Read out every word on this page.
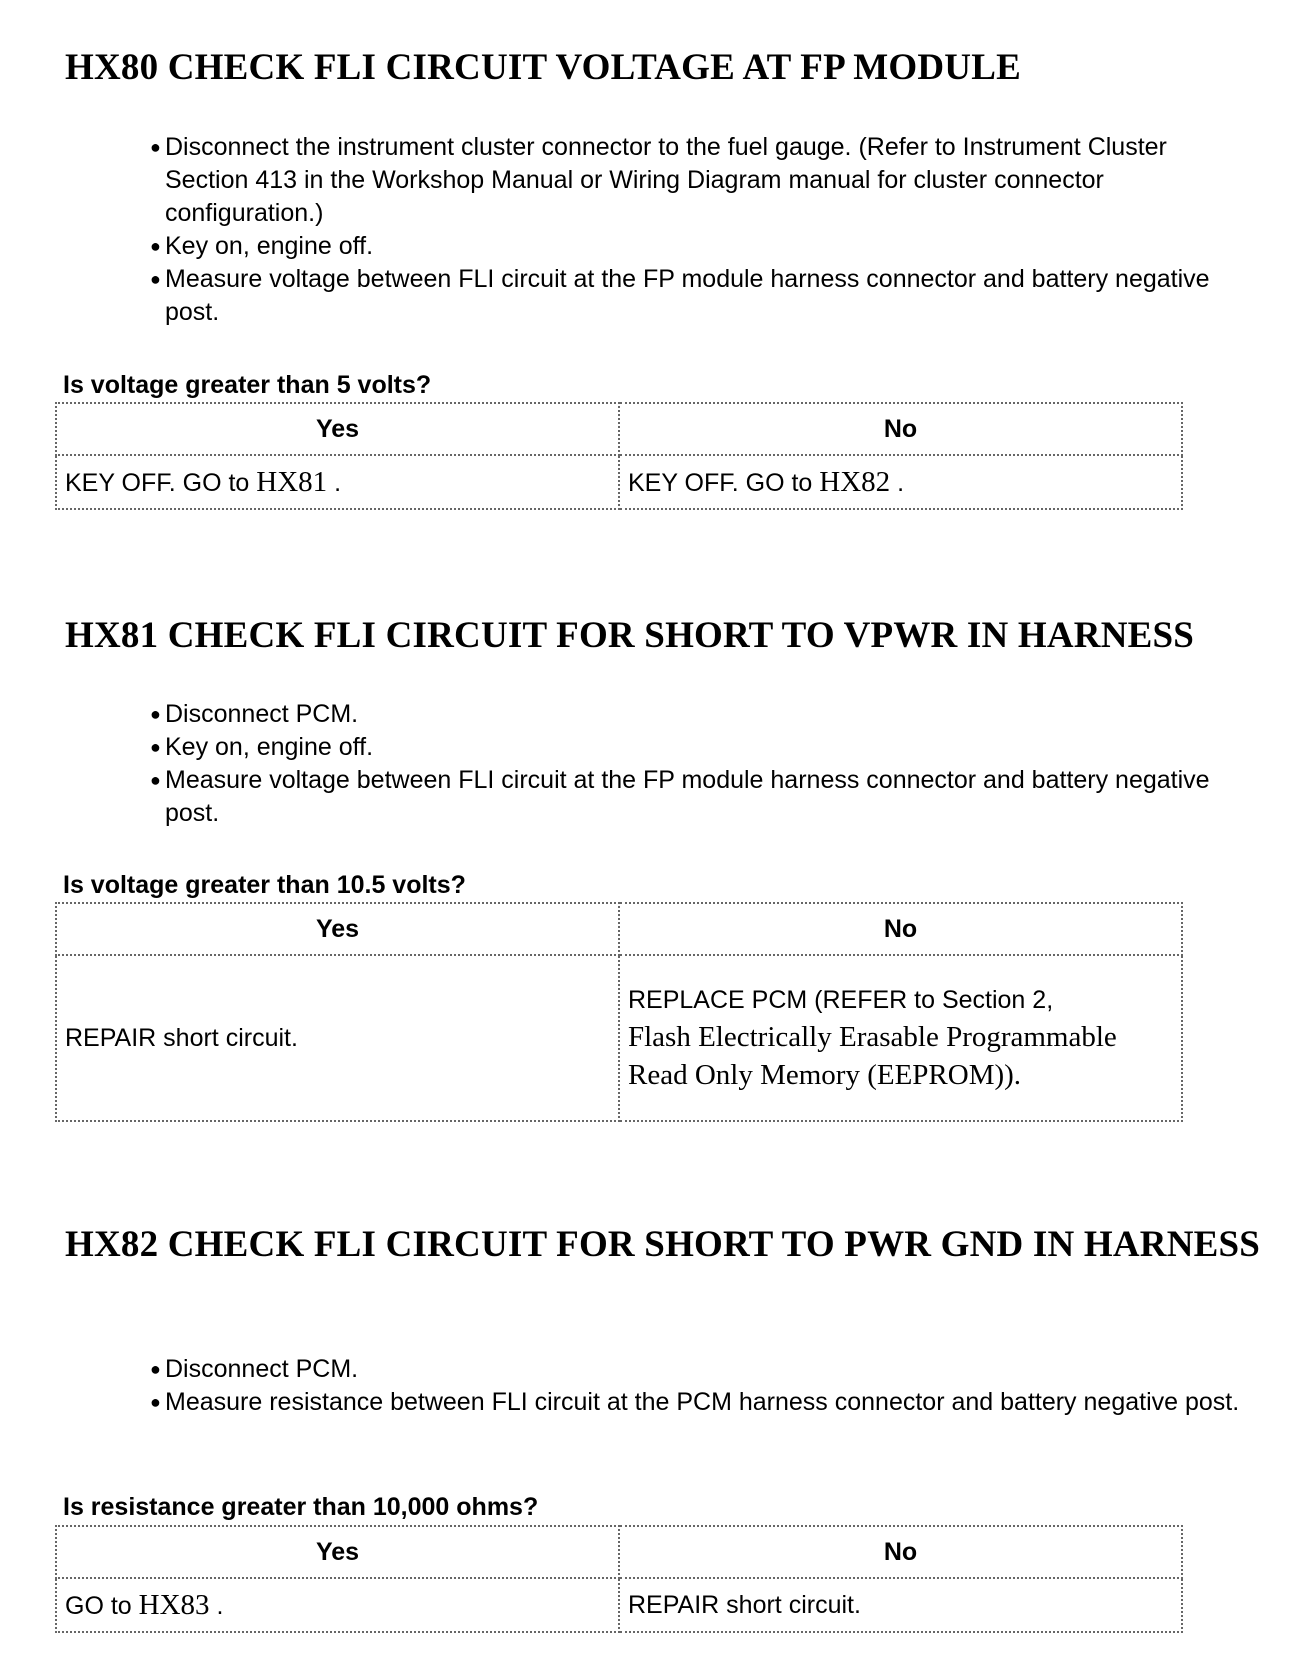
HX80 CHECK FLI CIRCUIT VOLTAGE AT FP MODULE
● Disconnect the instrument cluster connector to the fuel gauge. (Refer to Instrument Cluster Section 413 in the Workshop Manual or Wiring Diagram manual for cluster connector configuration.)
● Key on, engine off.
● Measure voltage between FLI circuit at the FP module harness connector and battery negative post.
Is voltage greater than 5 volts?
Yes	No
KEY OFF. GO to HX81 .	KEY OFF. GO to HX82 .
HX81 CHECK FLI CIRCUIT FOR SHORT TO VPWR IN HARNESS
● Disconnect PCM.
● Key on, engine off.
● Measure voltage between FLI circuit at the FP module harness connector and battery negative post.
Is voltage greater than 10.5 volts?
Yes	No
REPAIR short circuit.	REPLACE PCM (REFER to Section 2,
Flash Electrically Erasable Programmable Read Only Memory (EEPROM)).
HX82 CHECK FLI CIRCUIT FOR SHORT TO PWR GND IN HARNESS
● Disconnect PCM.
● Measure resistance between FLI circuit at the PCM harness connector and battery negative post.
Is resistance greater than 10,000 ohms?
Yes	No
GO to HX83 .	REPAIR short circuit.
